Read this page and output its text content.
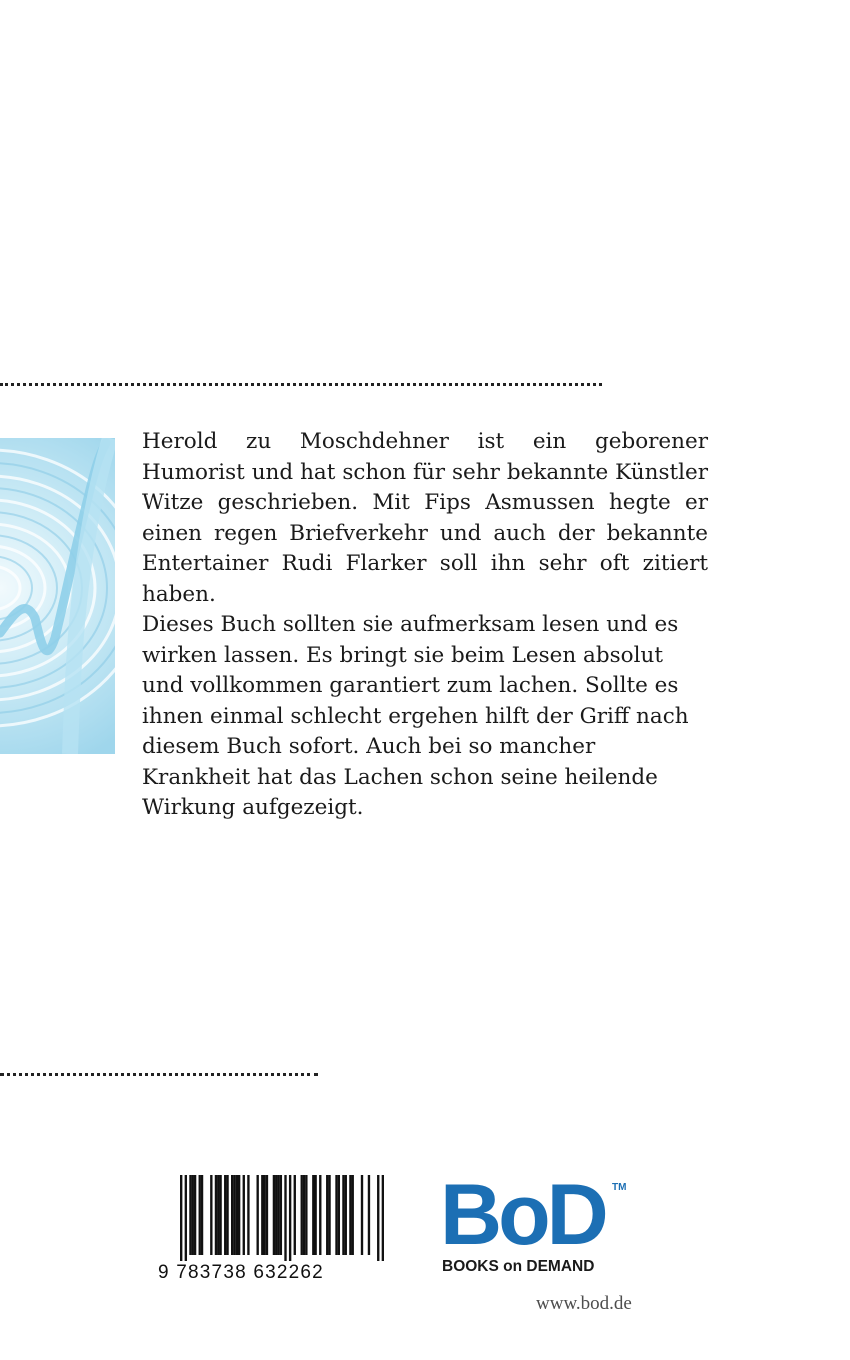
Herold zu Moschdehner ist ein geborener Humorist und hat schon für sehr bekannte Künstler Witze geschrieben. Mit Fips Asmussen hegte er einen regen Briefverkehr und auch der bekannte Entertainer Rudi Flarker soll ihn sehr oft zitiert haben.

Dieses Buch sollten sie aufmerksam lesen und es wirken lassen. Es bringt sie beim Lesen absolut und vollkommen garantiert zum lachen. Sollte es ihnen einmal schlecht ergehen hilft der Griff nach diesem Buch sofort. Auch bei so mancher Krankheit hat das Lachen schon seine heilende Wirkung aufgezeigt.

9 783738 632262
BoD TM
BOOKS on DEMAND
www.bod.de
